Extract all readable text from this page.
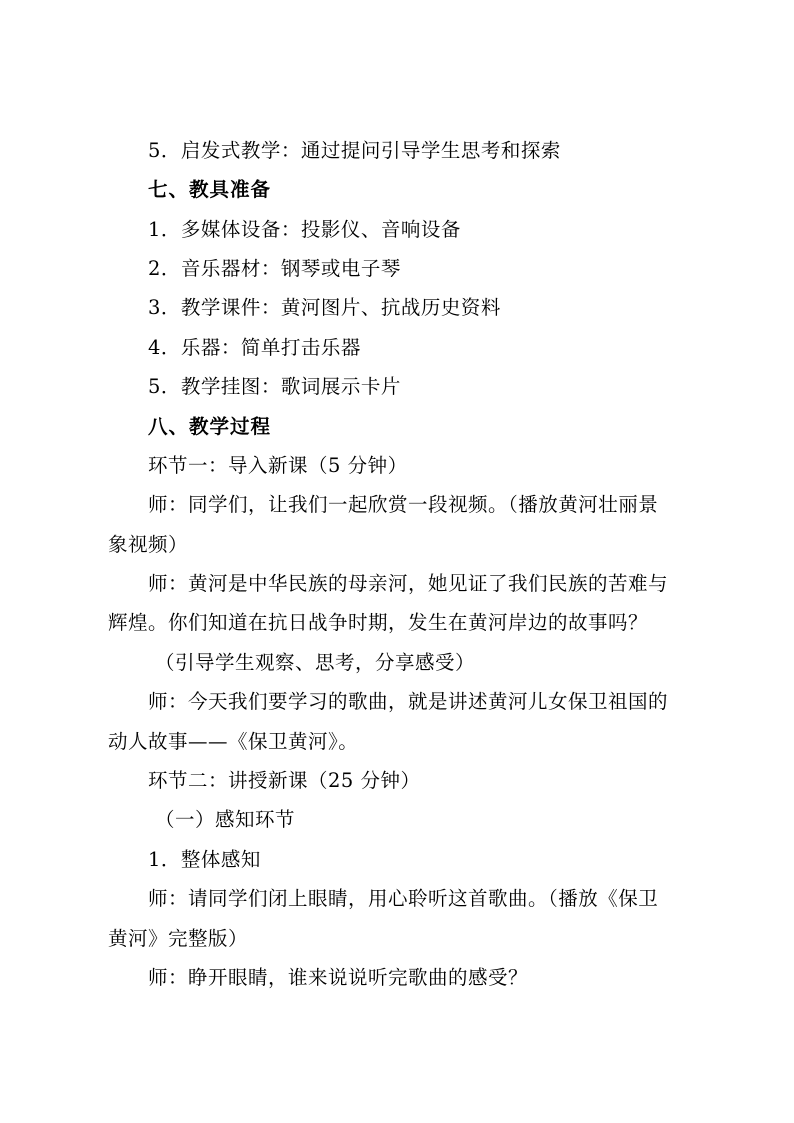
5．启发式教学：通过提问引导学生思考和探索
七、教具准备
1．多媒体设备：投影仪、音响设备
2．音乐器材：钢琴或电子琴
3．教学课件：黄河图片、抗战历史资料
4．乐器：简单打击乐器
5．教学挂图：歌词展示卡片
八、教学过程
环节一：导入新课（5 分钟）
师：同学们，让我们一起欣赏一段视频。（播放黄河壮丽景
象视频）
师：黄河是中华民族的母亲河，她见证了我们民族的苦难与
辉煌。你们知道在抗日战争时期，发生在黄河岸边的故事吗？
（引导学生观察、思考，分享感受）
师：今天我们要学习的歌曲，就是讲述黄河儿女保卫祖国的
动人故事——《保卫黄河》。
环节二：讲授新课（25 分钟）
（一）感知环节
1．整体感知
师：请同学们闭上眼睛，用心聆听这首歌曲。（播放《保卫
黄河》完整版）
师：睁开眼睛，谁来说说听完歌曲的感受？
